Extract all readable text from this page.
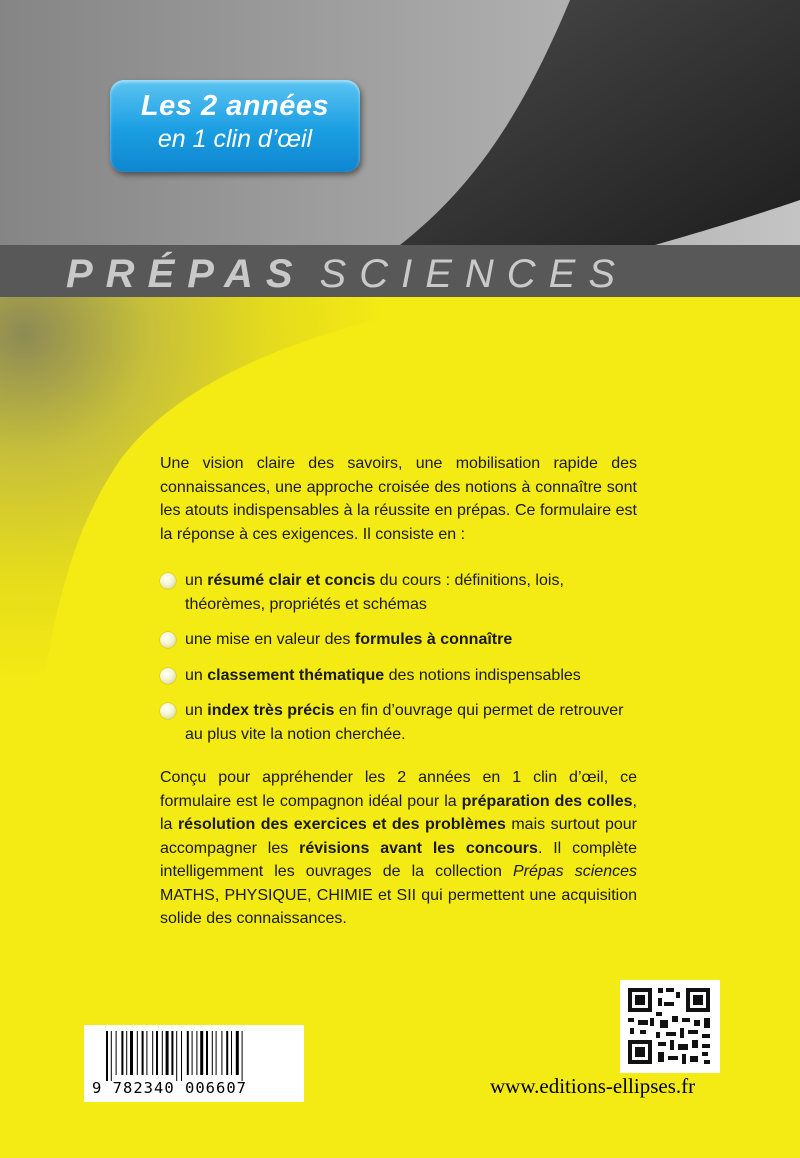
Les 2 années
en 1 clin d’œil
PRÉPAS SCIENCES

Une vision claire des savoirs, une mobilisation rapide des connaissances, une approche croisée des notions à connaître sont les atouts indispensables à la réussite en prépas. Ce formulaire est la réponse à ces exigences. Il consiste en :

un résumé clair et concis du cours : définitions, lois, théorèmes, propriétés et schémas
une mise en valeur des formules à connaître
un classement thématique des notions indispensables
un index très précis en fin d’ouvrage qui permet de retrouver au plus vite la notion cherchée.

Conçu pour appréhender les 2 années en 1 clin d’œil, ce formulaire est le compagnon idéal pour la préparation des colles, la résolution des exercices et des problèmes mais surtout pour accompagner les révisions avant les concours. Il complète intelligemment les ouvrages de la collection Prépas sciences MATHS, PHYSIQUE, CHIMIE et SII qui permettent une acquisition solide des connaissances.

9 782340 006607	www.editions-ellipses.fr
